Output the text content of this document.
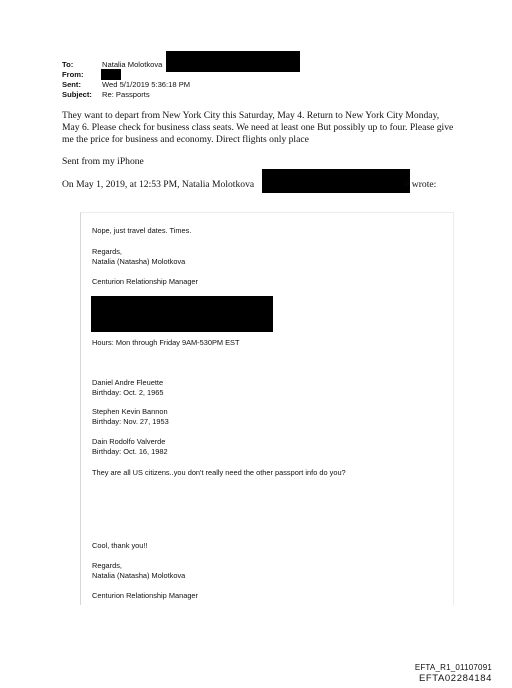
To:	Natalia Molotkova
From:
Sent:	Wed 5/1/2019 5:36:18 PM
Subject: Re: Passports
They want to depart from New York City this Saturday, May 4. Return to New York City Monday, May 6. Please check for business class seats. We need at least one But possibly up to four. Please give me the price for business and economy. Direct flights only place
Sent from my iPhone
On May 1, 2019, at 12:53 PM, Natalia Molotkova	> wrote:
Nope, just travel dates. Times.
Regards,
Natalia (Natasha) Molotkova
Centurion Relationship Manager
Hours: Mon through Friday 9AM-530PM EST
Daniel Andre Fleuette
Birthday: Oct. 2, 1965
Stephen Kevin Bannon
Birthday: Nov. 27, 1953
Dain Rodolfo Valverde
Birthday: Oct. 16, 1982
They are all US citizens..you don't really need the other passport info do you?
Cool, thank you!!
Regards,
Natalia (Natasha) Molotkova
Centurion Relationship Manager
EFTA_R1_01107091
EFTA02284184
